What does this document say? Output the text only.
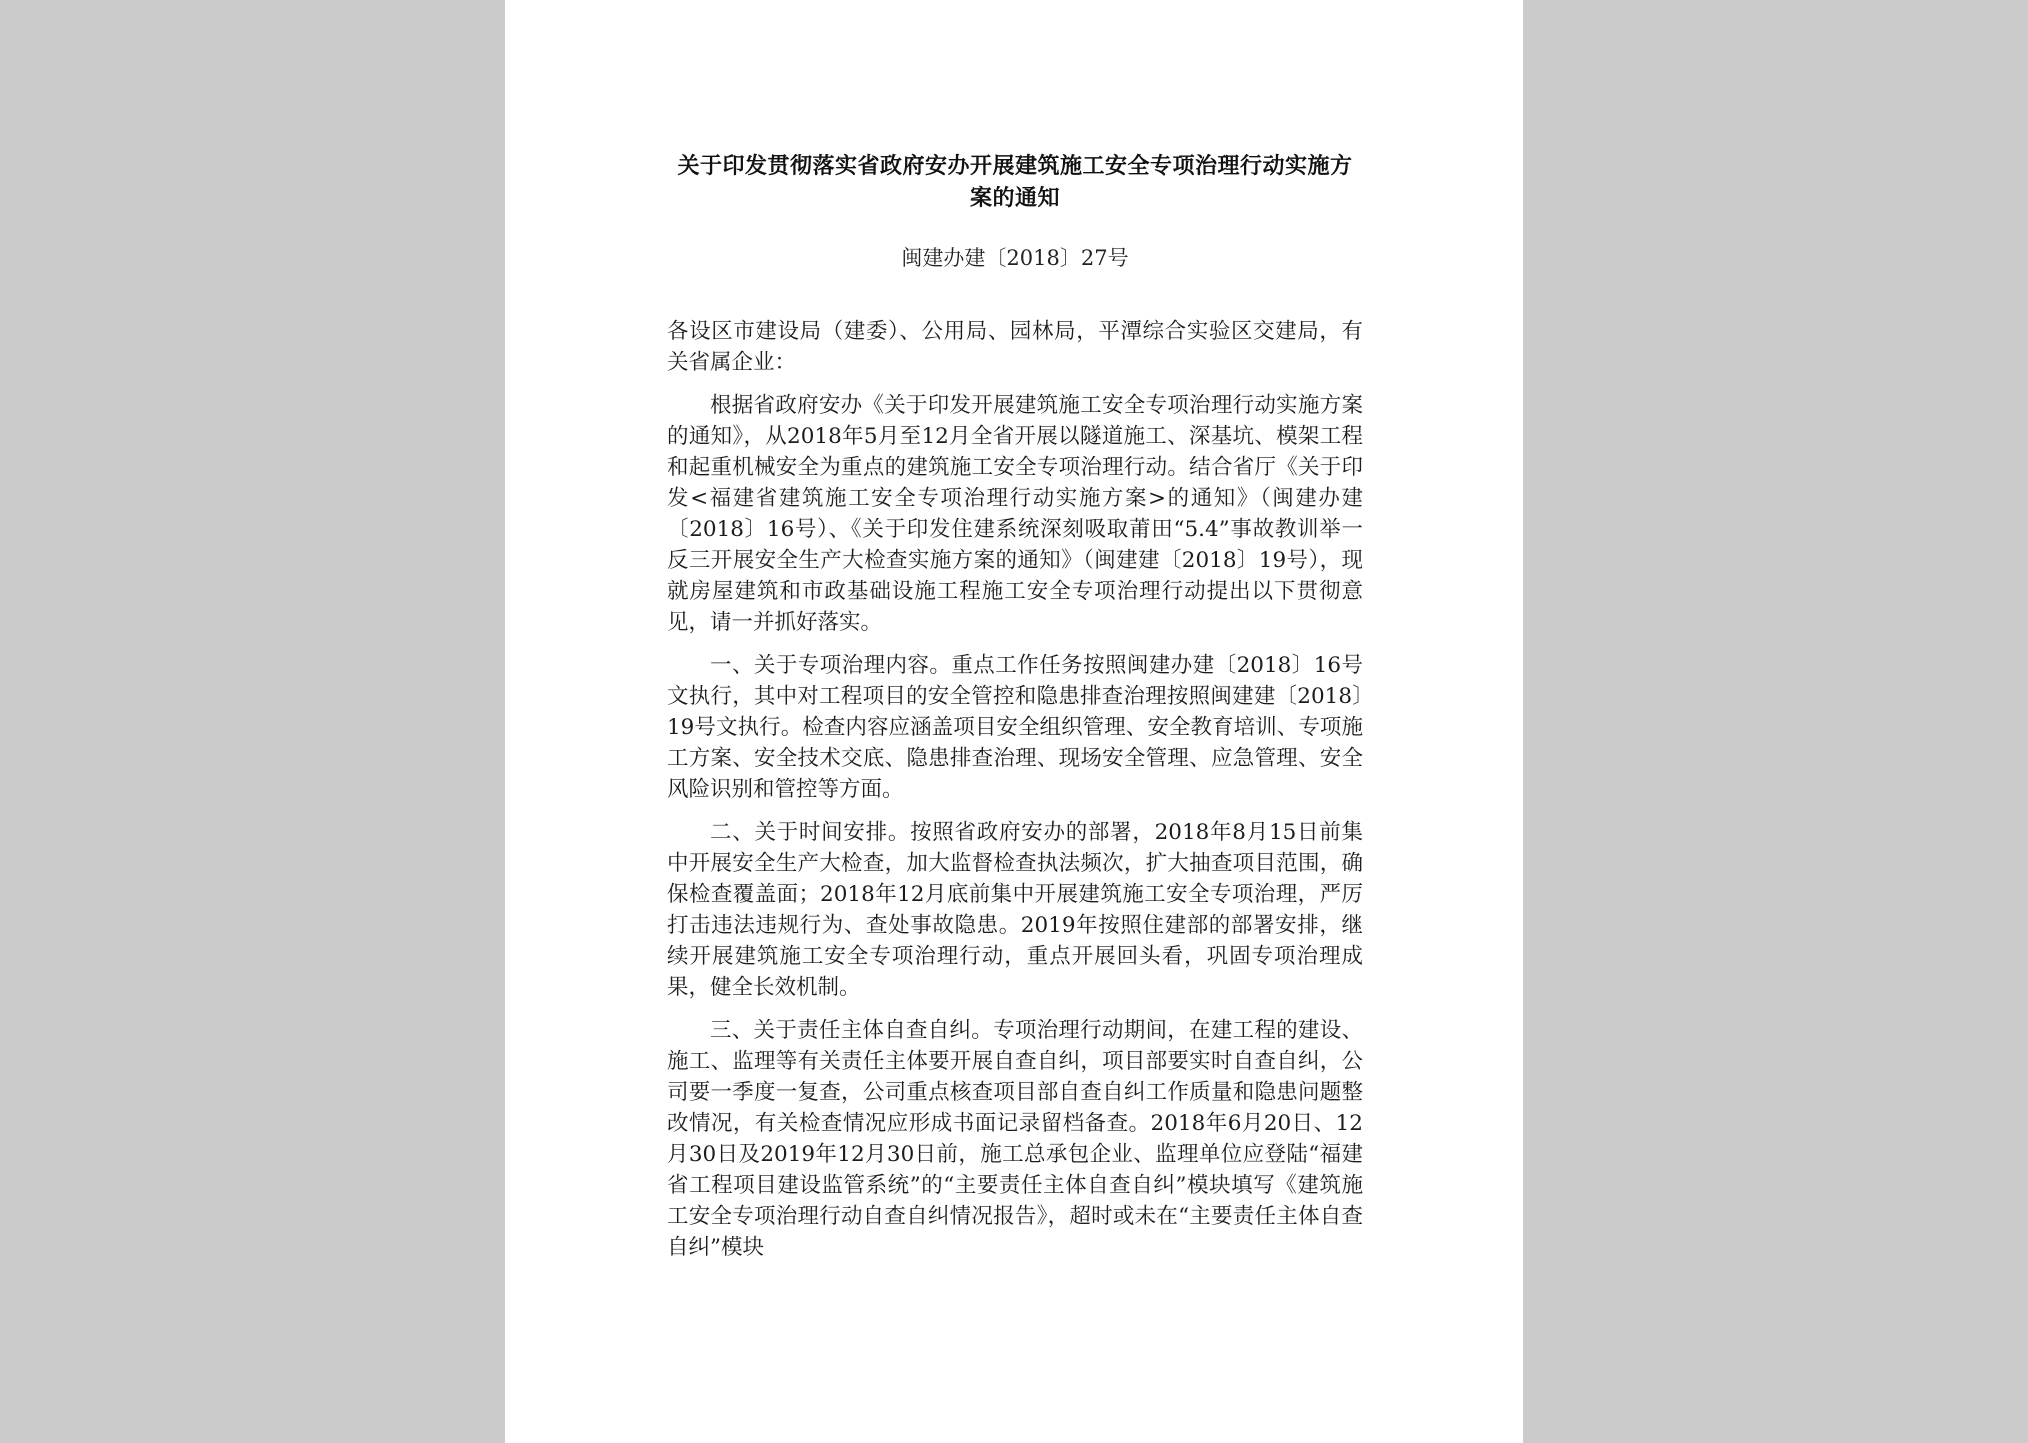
关于印发贯彻落实省政府安办开展建筑施工安全专项治理行动实施方案的通知

闽建办建〔2018〕27号

各设区市建设局（建委）、公用局、园林局，平潭综合实验区交建局，有关省属企业：

根据省政府安办《关于印发开展建筑施工安全专项治理行动实施方案的通知》，从2018年5月至12月全省开展以隧道施工、深基坑、模架工程和起重机械安全为重点的建筑施工安全专项治理行动。结合省厅《关于印发<福建省建筑施工安全专项治理行动实施方案>的通知》（闽建办建〔2018〕16号）、《关于印发住建系统深刻吸取莆田“5.4”事故教训举一反三开展安全生产大检查实施方案的通知》（闽建建〔2018〕19号），现就房屋建筑和市政基础设施工程施工安全专项治理行动提出以下贯彻意见，请一并抓好落实。

一、关于专项治理内容。重点工作任务按照闽建办建〔2018〕16号文执行，其中对工程项目的安全管控和隐患排查治理按照闽建建〔2018〕19号文执行。检查内容应涵盖项目安全组织管理、安全教育培训、专项施工方案、安全技术交底、隐患排查治理、现场安全管理、应急管理、安全风险识别和管控等方面。

二、关于时间安排。按照省政府安办的部署，2018年8月15日前集中开展安全生产大检查，加大监督检查执法频次，扩大抽查项目范围，确保检查覆盖面；2018年12月底前集中开展建筑施工安全专项治理，严厉打击违法违规行为、查处事故隐患。2019年按照住建部的部署安排，继续开展建筑施工安全专项治理行动，重点开展回头看，巩固专项治理成果，健全长效机制。

三、关于责任主体自查自纠。专项治理行动期间，在建工程的建设、施工、监理等有关责任主体要开展自查自纠，项目部要实时自查自纠，公司要一季度一复查，公司重点核查项目部自查自纠工作质量和隐患问题整改情况，有关检查情况应形成书面记录留档备查。2018年6月20日、12月30日及2019年12月30日前，施工总承包企业、监理单位应登陆“福建省工程项目建设监管系统”的“主要责任主体自查自纠”模块填写《建筑施工安全专项治理行动自查自纠情况报告》，超时或未在“主要责任主体自查自纠”模块
